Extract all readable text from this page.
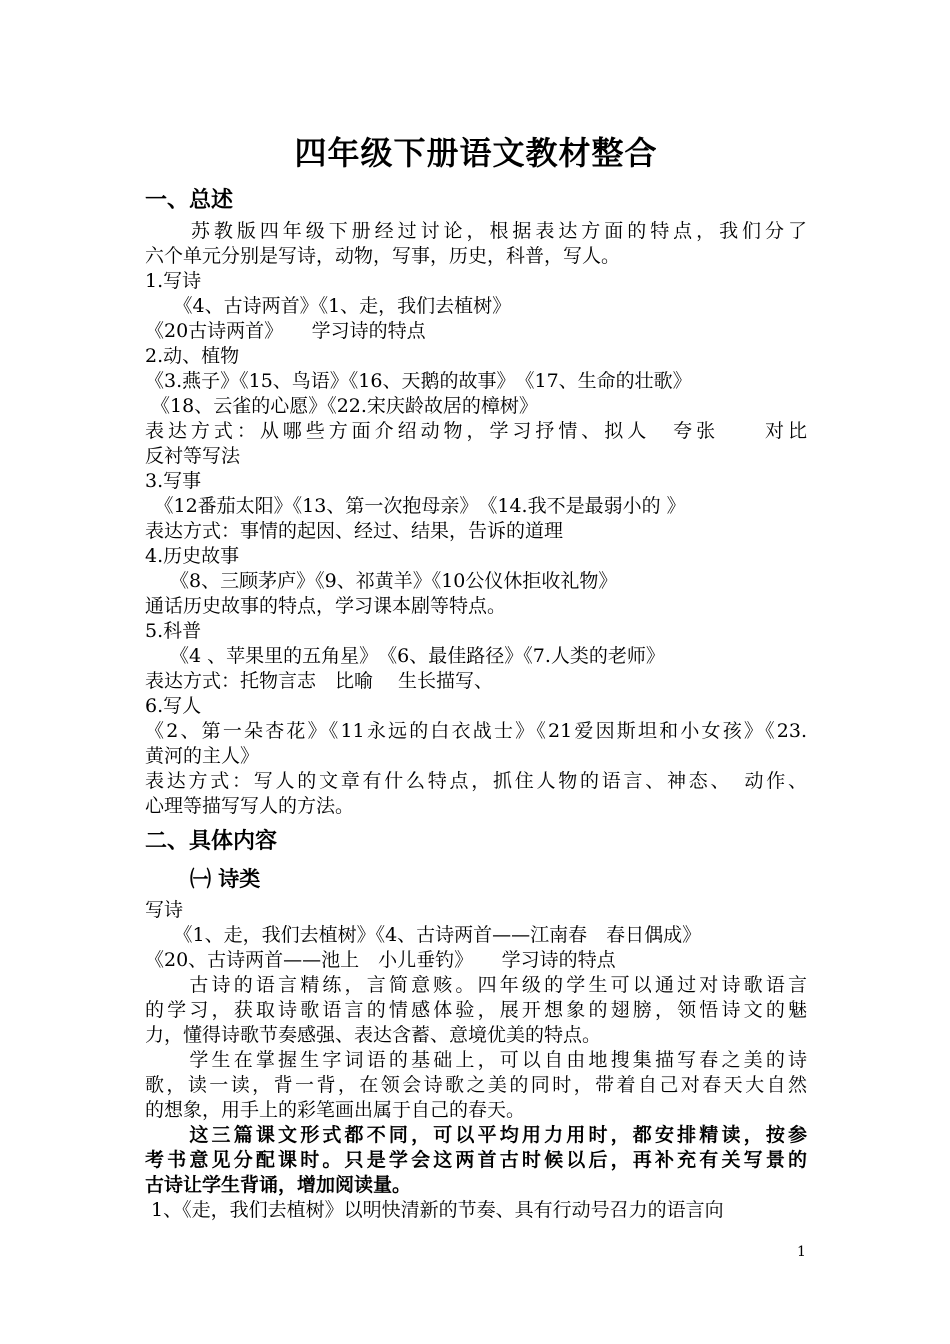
四年级下册语文教材整合
一、总述
　　苏教版四年级下册经过讨论，根据表达方面的特点，我们分了
六个单元分别是写诗，动物，写事，历史，科普，写人。
1.写诗
　　《4、古诗两首》《1、走，我们去植树》
《20古诗两首》　　学习诗的特点
2.动、植物
《3.燕子》《15、鸟语》《16、天鹅的故事》　《17、生命的壮歌》
《18、云雀的心愿》《22.宋庆龄故居的樟树》
表达方式：从哪些方面介绍动物，学习抒情、拟人　夸张　　对比
反衬等写法
3.写事
　《12番茄太阳》《13、第一次抱母亲》　《14.我不是最弱小的 》
表达方式：事情的起因、经过、结果，告诉的道理
4.历史故事
　 《8、三顾茅庐》《9、祁黄羊》《10公仪休拒收礼物》
通话历史故事的特点，学习课本剧等特点。
5.科普
　 《4 、苹果里的五角星》　《6、最佳路径》《7.人类的老师》
表达方式：托物言志　比喻　 生长描写、
6.写人
《2、第一朵杏花》《11永远的白衣战士》《21爱因斯坦和小女孩》《23.
黄河的主人》
表达方式：写人的文章有什么特点，抓住人物的语言、神态、　动作、
心理等描写写人的方法。
二、具体内容
㈠ 诗类
写诗
　　《1、走，我们去植树》《4、古诗两首——江南春　春日偶成》
《20、古诗两首——池上　小儿垂钓》　　学习诗的特点
　　古诗的语言精练，言简意赅。四年级的学生可以通过对诗歌语言
的学习，获取诗歌语言的情感体验，展开想象的翅膀，领悟诗文的魅
力，懂得诗歌节奏感强、表达含蓄、意境优美的特点。
　　学生在掌握生字词语的基础上，可以自由地搜集描写春之美的诗
歌，读一读，背一背，在领会诗歌之美的同时，带着自己对春天大自然
的想象，用手上的彩笔画出属于自己的春天。
　　这三篇课文形式都不同，可以平均用力用时，都安排精读，按参
考书意见分配课时。只是学会这两首古时候以后，再补充有关写景的
古诗让学生背诵，增加阅读量。
1、《走，我们去植树》以明快清新的节奏、具有行动号召力的语言向
1
